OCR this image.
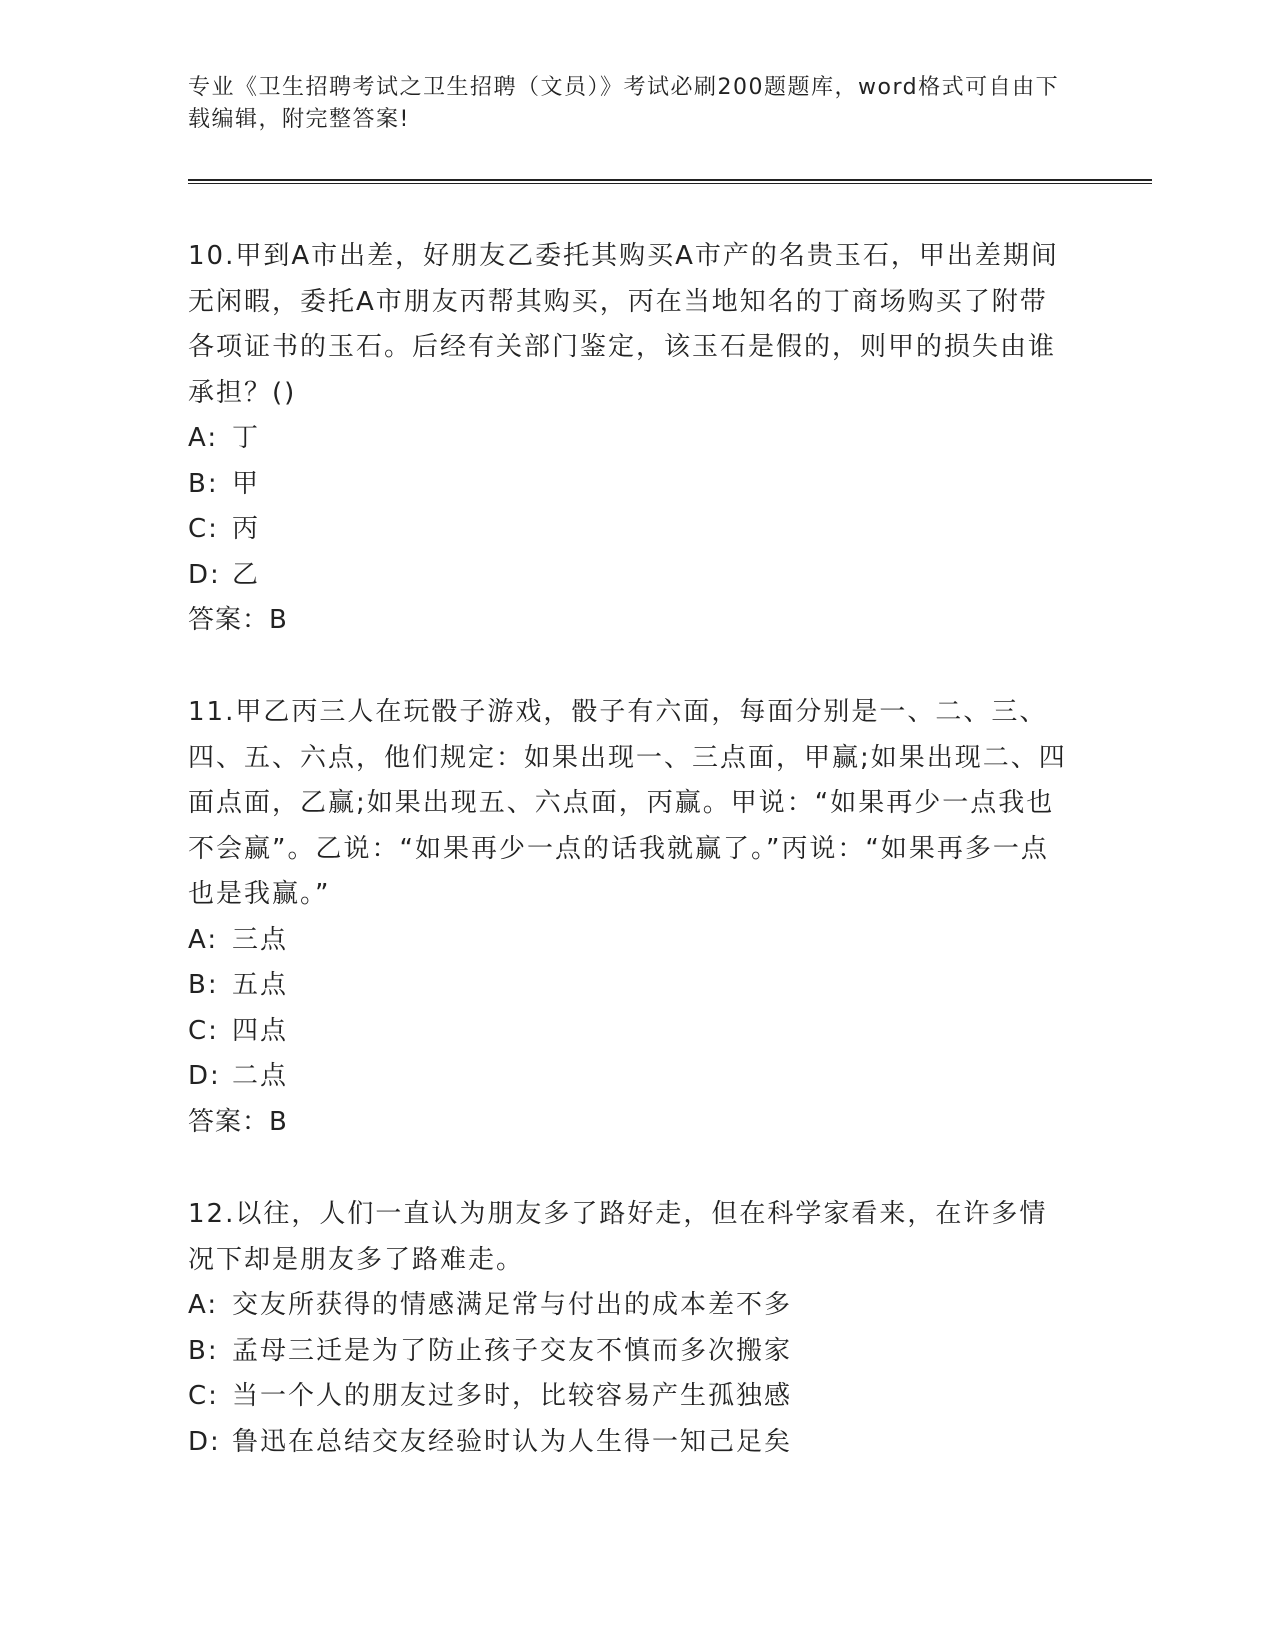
专业《卫生招聘考试之卫生招聘（文员）》考试必刷200题题库，word格式可自由下载编辑，附完整答案!

10.甲到A市出差，好朋友乙委托其购买A市产的名贵玉石，甲出差期间无闲暇，委托A市朋友丙帮其购买，丙在当地知名的丁商场购买了附带各项证书的玉石。后经有关部门鉴定，该玉石是假的，则甲的损失由谁承担？()

A: 丁
B: 甲
C: 丙
D: 乙
答案：B

11.甲乙丙三人在玩骰子游戏，骰子有六面，每面分别是一、二、三、四、五、六点，他们规定：如果出现一、三点面，甲赢;如果出现二、四面点面，乙赢;如果出现五、六点面，丙赢。甲说：“如果再少一点我也不会赢”。乙说：“如果再少一点的话我就赢了。”丙说：“如果再多一点也是我赢。”

A: 三点
B: 五点
C: 四点
D: 二点
答案：B

12.以往，人们一直认为朋友多了路好走，但在科学家看来，在许多情况下却是朋友多了路难走。

A: 交友所获得的情感满足常与付出的成本差不多
B: 孟母三迁是为了防止孩子交友不慎而多次搬家
C: 当一个人的朋友过多时，比较容易产生孤独感
D: 鲁迅在总结交友经验时认为人生得一知己足矣
